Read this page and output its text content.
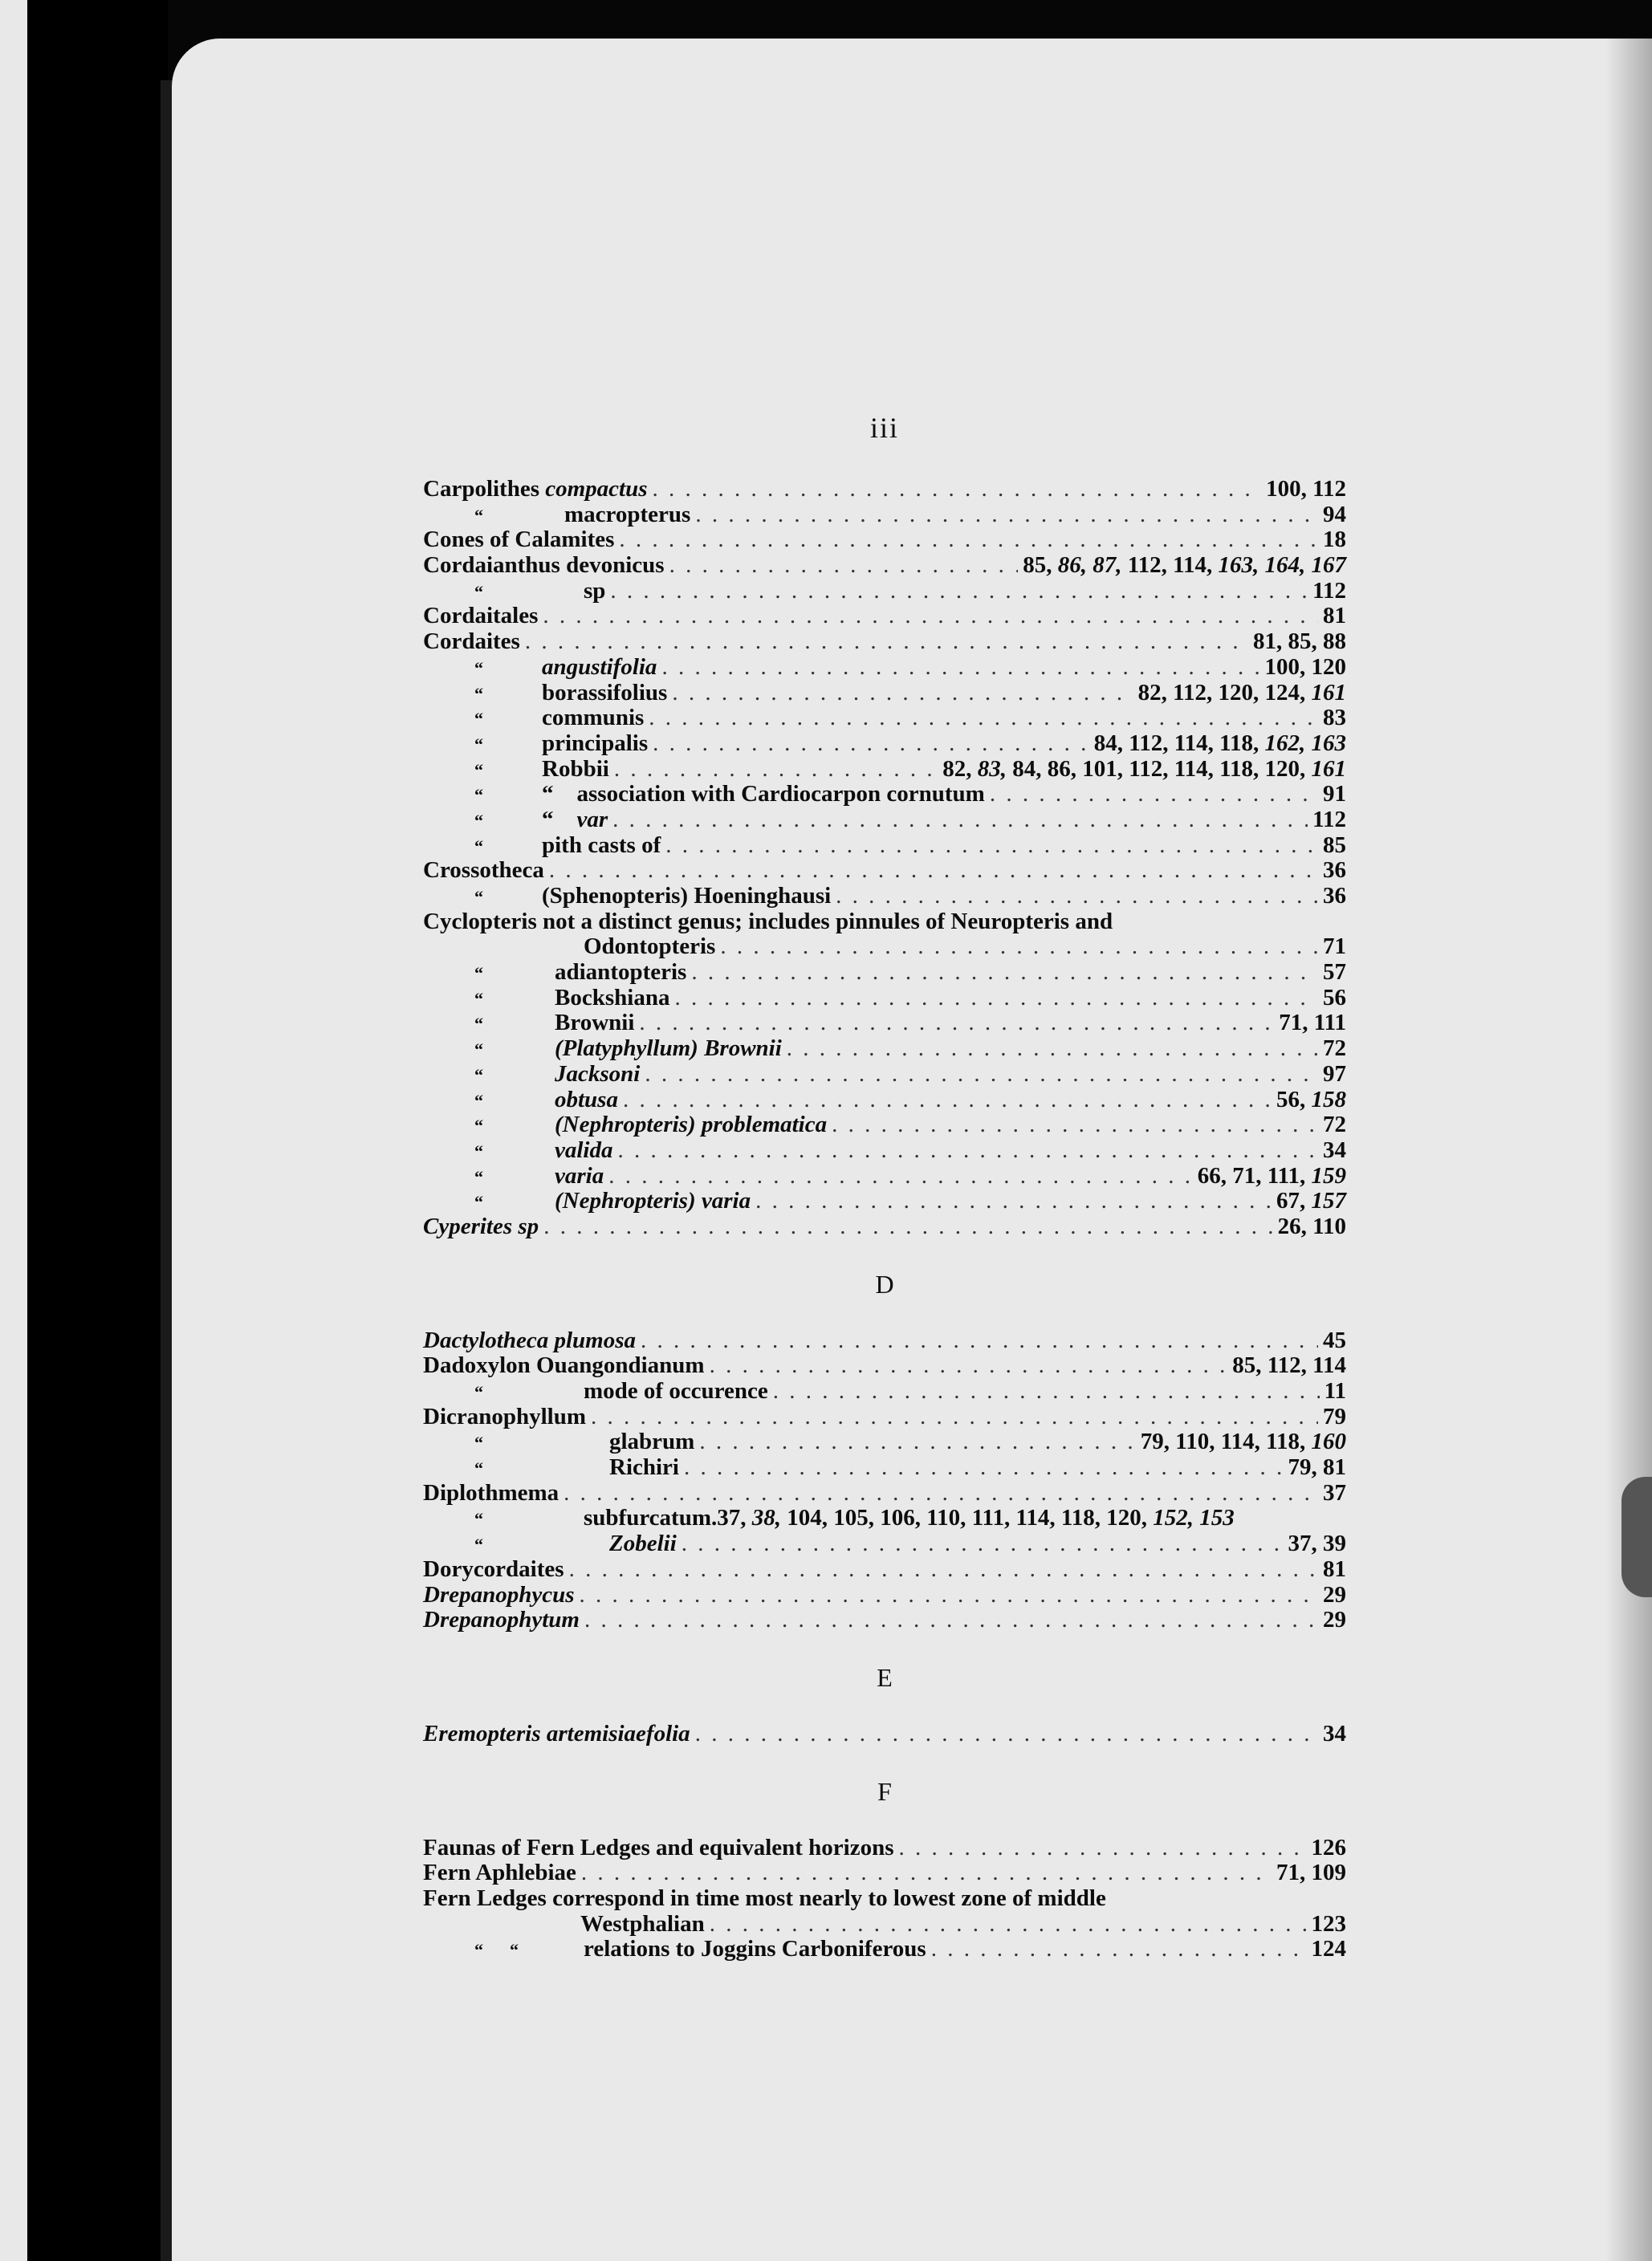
iii
Carpolithes compactus . . .	100, 112
“	macropterus . . .	94
Cones of Calamites . . .	18
Cordaianthus devonicus . . .	85, 86, 87, 112, 114, 163, 164, 167
“	sp . . .	112
Cordaitales . . .	81
Cordaites . . .	81, 85, 88
“	angustifolia . . .	100, 120
“	borassifolius . . .	82, 112, 120, 124, 161
“	communis . . .	83
“	principalis . . .	84, 112, 114, 118, 162, 163
“	Robbii . . .	82, 83, 84, 86, 101, 112, 114, 118, 120, 161
“	“    association with Cardiocarpon cornutum . . .	91
“	“    var . . .	112
“	pith casts of . . .	85
Crossotheca . . .	36
“	(Sphenopteris) Hoeninghausi . . .	36
Cyclopteris not a distinct genus; includes pinnules of Neuropteris and
Odontopteris . . .	71
“	adiantopteris . . .	57
“	Bockshiana . . .	56
“	Brownii . . .	71, 111
“	(Platyphyllum) Brownii . . .	72
“	Jacksoni . . .	97
“	obtusa . . .	56, 158
“	(Nephropteris) problematica . . .	72
“	valida . . .	34
“	varia . . .	66, 71, 111, 159
“	(Nephropteris) varia . . .	67, 157
Cyperites sp . . .	26, 110
D
Dactylotheca plumosa . . .	45
Dadoxylon Ouangondianum . . .	85, 112, 114
“	mode of occurence . . .	11
Dicranophyllum . . .	79
“	glabrum . . .	79, 110, 114, 118, 160
“	Richiri . . .	79, 81
Diplothmema . . .	37
“	subfurcatum.37, 38, 104, 105, 106, 110, 111, 114, 118, 120, 152, 153
“	Zobelii . . .	37, 39
Dorycordaites . . .	81
Drepanophycus . . .	29
Drepanophytum . . .	29
E
Eremopteris artemisiaefolia . . .	34
F
Faunas of Fern Ledges and equivalent horizons . . .	126
Fern Aphlebiae . . .	71, 109
Fern Ledges correspond in time most nearly to lowest zone of middle
Westphalian . . .	123
“      “	relations to Joggins Carboniferous . . .	124
